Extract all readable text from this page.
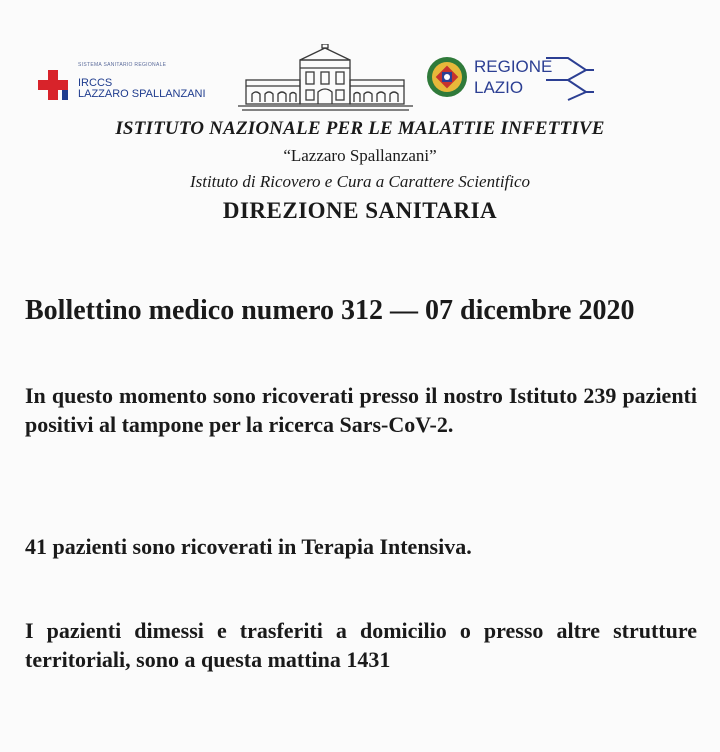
SISTEMA SANITARIO REGIONALE
IRCCS
LAZZARO SPALLANZANI
REGIONE
LAZIO
ISTITUTO NAZIONALE PER LE MALATTIE INFETTIVE
“Lazzaro Spallanzani”
Istituto di Ricovero e Cura a Carattere Scientifico
DIREZIONE SANITARIA
Bollettino medico numero 312 — 07 dicembre 2020
In questo momento sono ricoverati presso il nostro Istituto 239 pazienti positivi al tampone per la ricerca Sars-CoV-2.
41 pazienti sono ricoverati in Terapia Intensiva.
I pazienti dimessi e trasferiti a domicilio o presso altre strutture territoriali, sono a questa mattina 1431
